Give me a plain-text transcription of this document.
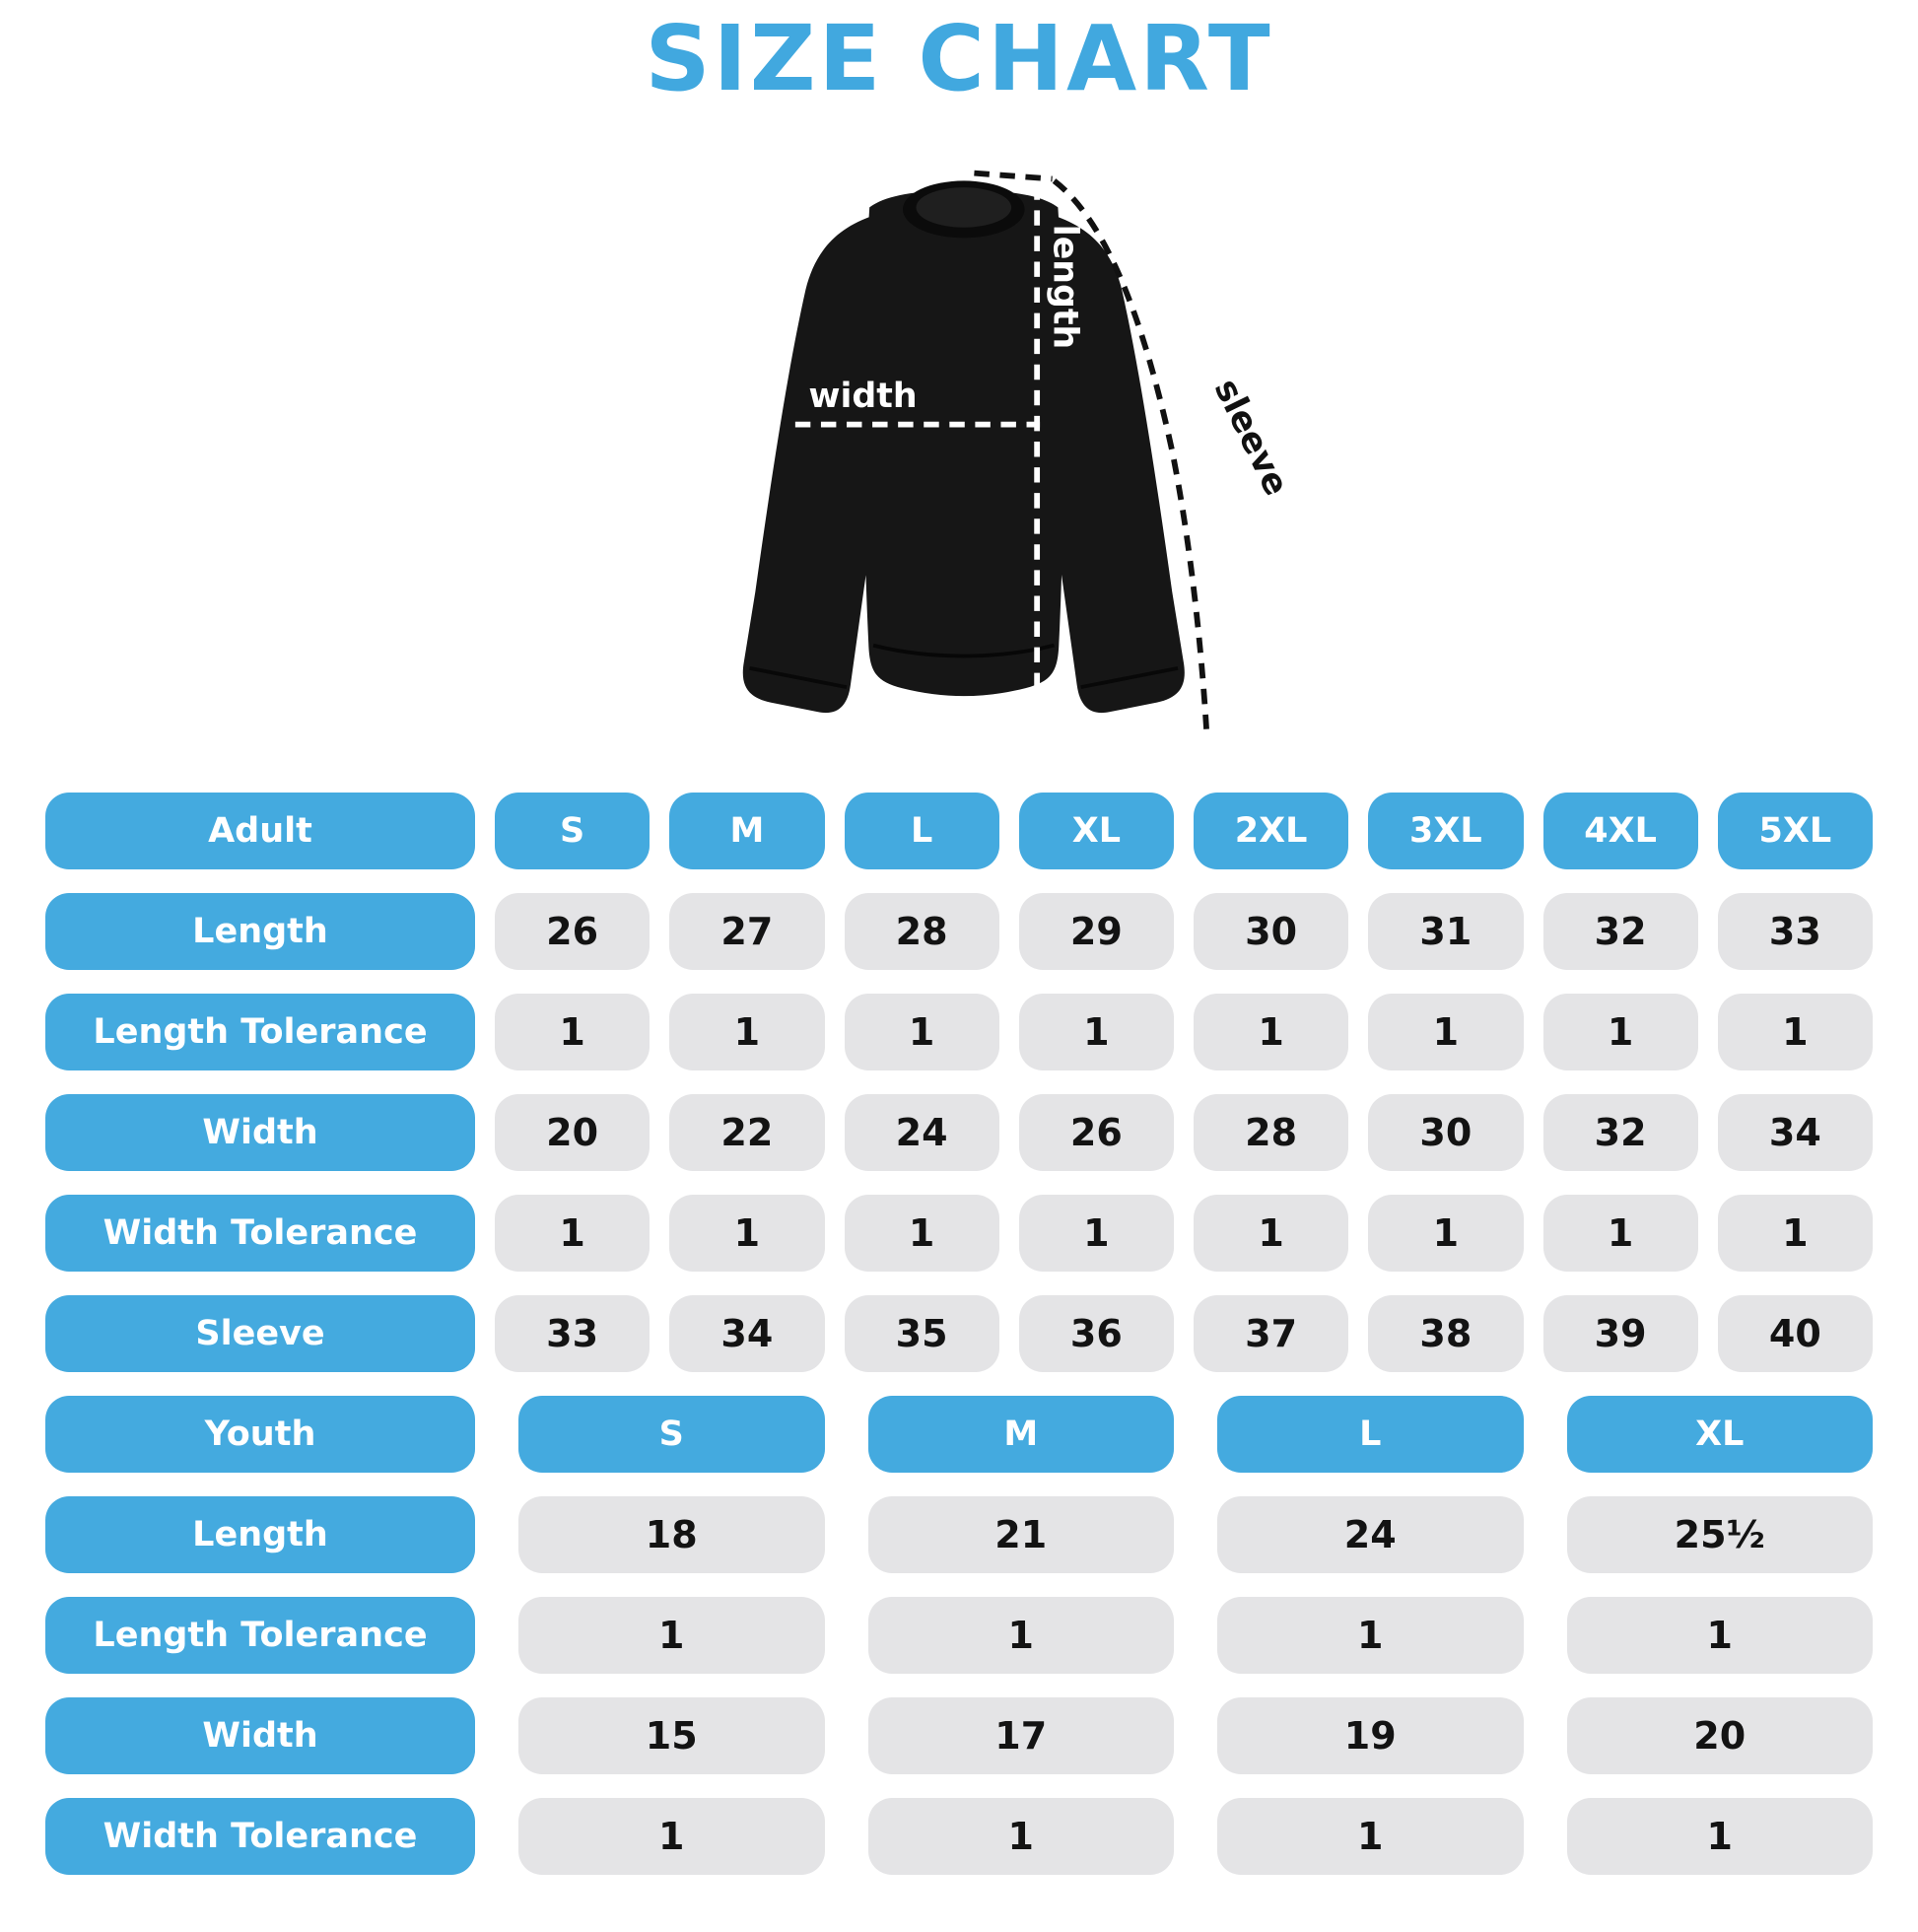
SIZE CHART
width
length
sleeve
Adult	S	M	L	XL	2XL	3XL	4XL	5XL
Length	26	27	28	29	30	31	32	33
Length Tolerance	1	1	1	1	1	1	1	1
Width	20	22	24	26	28	30	32	34
Width Tolerance	1	1	1	1	1	1	1	1
Sleeve	33	34	35	36	37	38	39	40
Youth	S	M	L	XL
Length	18	21	24	25½
Length Tolerance	1	1	1	1
Width	15	17	19	20
Width Tolerance	1	1	1	1
